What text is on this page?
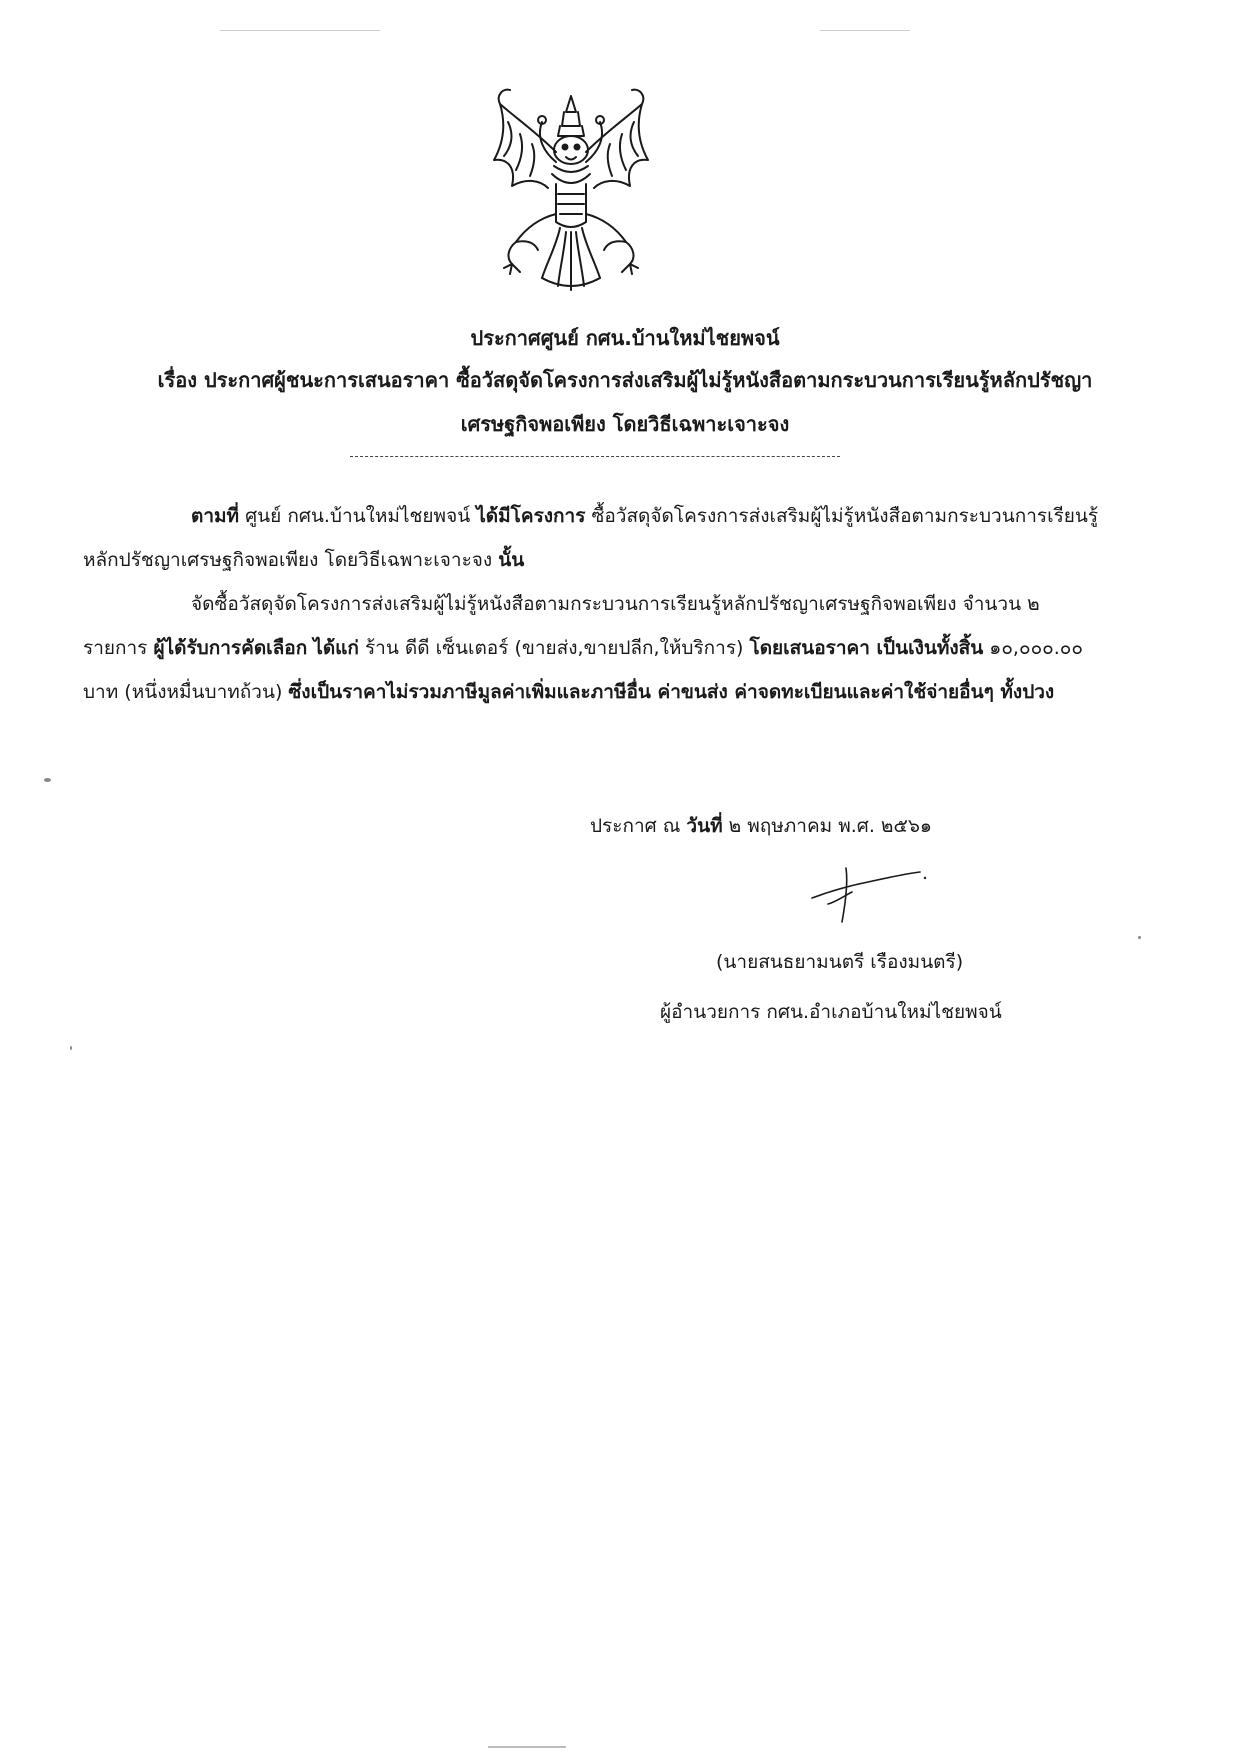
ประกาศศูนย์ กศน.บ้านใหม่ไชยพจน์
เรื่อง ประกาศผู้ชนะการเสนอราคา ซื้อวัสดุจัดโครงการส่งเสริมผู้ไม่รู้หนังสือตามกระบวนการเรียนรู้หลักปรัชญา
เศรษฐกิจพอเพียง โดยวิธีเฉพาะเจาะจง
ตามที่ ศูนย์ กศน.บ้านใหม่ไชยพจน์ ได้มีโครงการ ซื้อวัสดุจัดโครงการส่งเสริมผู้ไม่รู้หนังสือตามกระบวนการเรียนรู้หลักปรัชญาเศรษฐกิจพอเพียง โดยวิธีเฉพาะเจาะจง นั้น
จัดซื้อวัสดุจัดโครงการส่งเสริมผู้ไม่รู้หนังสือตามกระบวนการเรียนรู้หลักปรัชญาเศรษฐกิจพอเพียง จำนวน ๒ รายการ ผู้ได้รับการคัดเลือก ได้แก่ ร้าน ดีดี เซ็นเตอร์ (ขายส่ง,ขายปลีก,ให้บริการ) โดยเสนอราคา เป็นเงินทั้งสิ้น ๑๐,๐๐๐.๐๐ บาท (หนึ่งหมื่นบาทถ้วน) ซึ่งเป็นราคาไม่รวมภาษีมูลค่าเพิ่มและภาษีอื่น ค่าขนส่ง ค่าจดทะเบียนและค่าใช้จ่ายอื่นๆ ทั้งปวง
ประกาศ ณ วันที่ ๒ พฤษภาคม พ.ศ. ๒๕๖๑
(นายสนธยามนตรี เรืองมนตรี)
ผู้อำนวยการ กศน.อำเภอบ้านใหม่ไชยพจน์
